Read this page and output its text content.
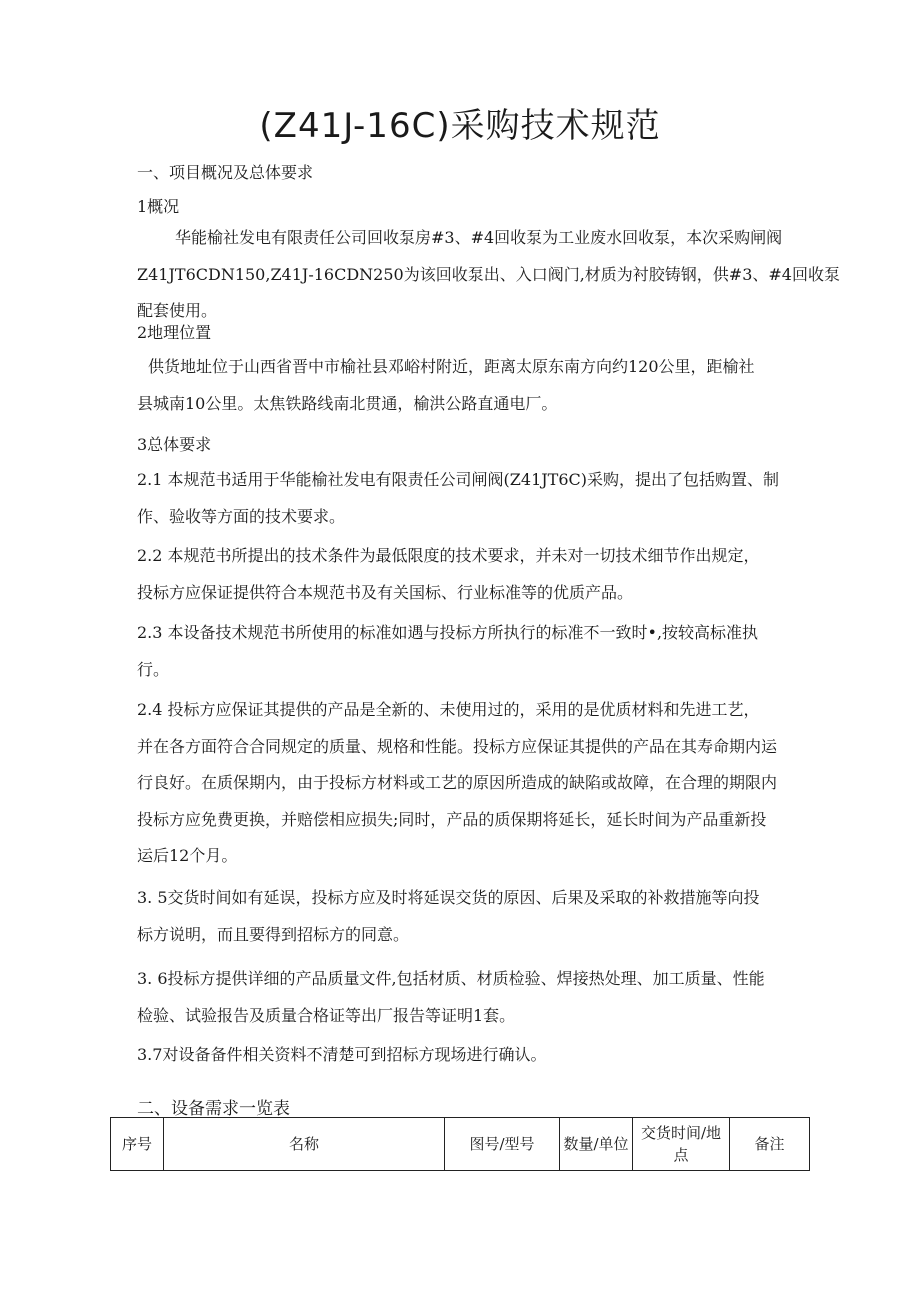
(Z41J-16C)采购技术规范
一、项目概况及总体要求
1概况
华能榆社发电有限责任公司回收泵房#3、#4回收泵为工业废水回收泵，本次采购闸阀
Z41JT6CDN150,Z41J-16CDN250为该回收泵出、入口阀门,材质为衬胶铸钢，供#3、#4回收泵
配套使用。
2地理位置
供货地址位于山西省晋中市榆社县邓峪村附近，距离太原东南方向约120公里，距榆社
县城南10公里。太焦铁路线南北贯通，榆洪公路直通电厂。
3总体要求
2.1 本规范书适用于华能榆社发电有限责任公司闸阀(Z41JT6C)采购，提出了包括购置、制
作、验收等方面的技术要求。
2.2 本规范书所提出的技术条件为最低限度的技术要求，并未对一切技术细节作出规定，
投标方应保证提供符合本规范书及有关国标、行业标准等的优质产品。
2.3 本设备技术规范书所使用的标准如遇与投标方所执行的标准不一致时•,按较高标准执
行。
2.4 投标方应保证其提供的产品是全新的、未使用过的，采用的是优质材料和先进工艺，
并在各方面符合合同规定的质量、规格和性能。投标方应保证其提供的产品在其寿命期内运
行良好。在质保期内，由于投标方材料或工艺的原因所造成的缺陷或故障，在合理的期限内
投标方应免费更换，并赔偿相应损失;同时，产品的质保期将延长，延长时间为产品重新投
运后12个月。
3. 5交货时间如有延误，投标方应及时将延误交货的原因、后果及采取的补救措施等向投
标方说明，而且要得到招标方的同意。
3. 6投标方提供详细的产品质量文件,包括材质、材质检验、焊接热处理、加工质量、性能
检验、试验报告及质量合格证等出厂报告等证明1套。
3.7对设备备件相关资料不清楚可到招标方现场进行确认。
二、设备需求一览表
序号	名称	图号/型号	数量/单位	交货时间/地点	备注
